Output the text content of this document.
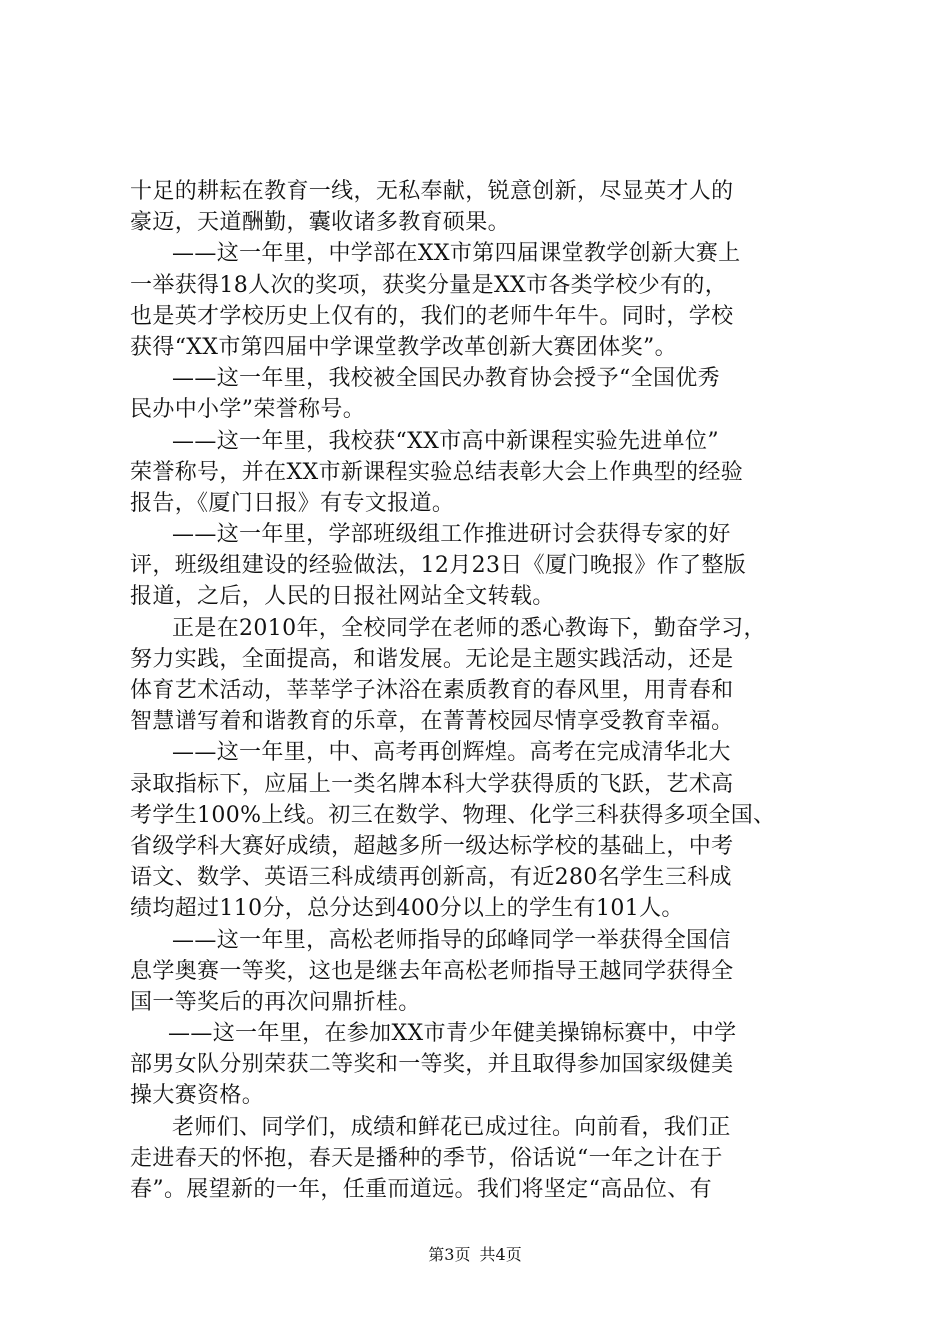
十足的耕耘在教育一线，无私奉献，锐意创新，尽显英才人的
豪迈，天道酬勤，囊收诸多教育硕果。
——这一年里，中学部在XX市第四届课堂教学创新大赛上
一举获得18人次的奖项，获奖分量是XX市各类学校少有的，
也是英才学校历史上仅有的，我们的老师牛年牛。同时，学校
获得“XX市第四届中学课堂教学改革创新大赛团体奖”。
——这一年里，我校被全国民办教育协会授予“全国优秀
民办中小学”荣誉称号。
——这一年里，我校获“XX市高中新课程实验先进单位”
荣誉称号，并在XX市新课程实验总结表彰大会上作典型的经验
报告，《厦门日报》有专文报道。
——这一年里，学部班级组工作推进研讨会获得专家的好
评，班级组建设的经验做法，12月23日《厦门晚报》作了整版
报道，之后，人民的日报社网站全文转载。
正是在2010年，全校同学在老师的悉心教诲下，勤奋学习，
努力实践，全面提高，和谐发展。无论是主题实践活动，还是
体育艺术活动，莘莘学子沐浴在素质教育的春风里，用青春和
智慧谱写着和谐教育的乐章，在菁菁校园尽情享受教育幸福。
——这一年里，中、高考再创辉煌。高考在完成清华北大
录取指标下，应届上一类名牌本科大学获得质的飞跃，艺术高
考学生100%上线。初三在数学、物理、化学三科获得多项全国、
省级学科大赛好成绩，超越多所一级达标学校的基础上，中考
语文、数学、英语三科成绩再创新高，有近280名学生三科成
绩均超过110分，总分达到400分以上的学生有101人。
——这一年里，高松老师指导的邱峰同学一举获得全国信
息学奥赛一等奖，这也是继去年高松老师指导王越同学获得全
国一等奖后的再次问鼎折桂。
——这一年里，在参加XX市青少年健美操锦标赛中，中学
部男女队分别荣获二等奖和一等奖，并且取得参加国家级健美
操大赛资格。
老师们、同学们，成绩和鲜花已成过往。向前看，我们正
走进春天的怀抱，春天是播种的季节，俗话说“一年之计在于
春”。展望新的一年，任重而道远。我们将坚定“高品位、有
第3页 共4页
